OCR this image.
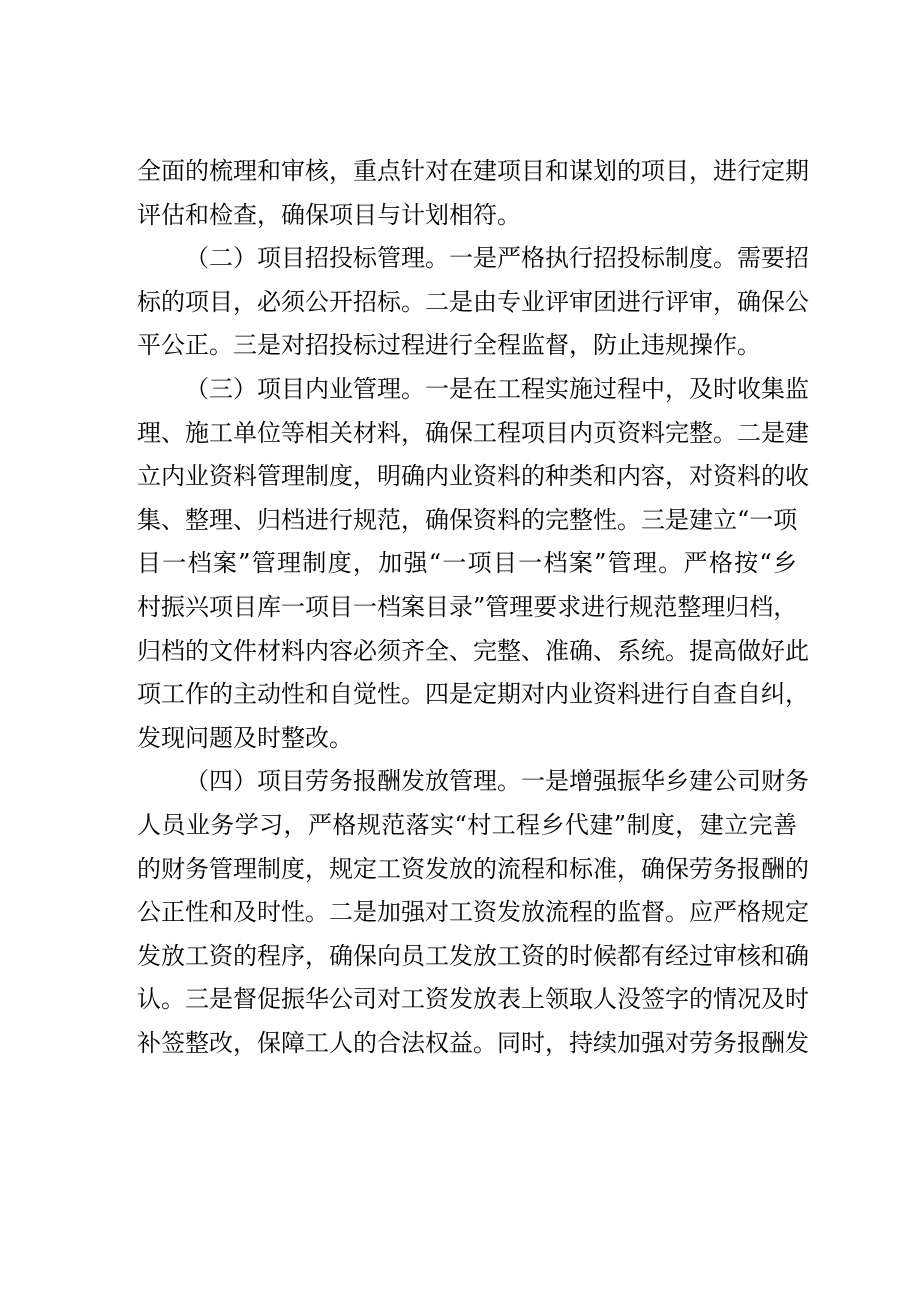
全面的梳理和审核，重点针对在建项目和谋划的项目，进行定期
评估和检查，确保项目与计划相符。
（二）项目招投标管理。一是严格执行招投标制度。需要招
标的项目，必须公开招标。二是由专业评审团进行评审，确保公
平公正。三是对招投标过程进行全程监督，防止违规操作。
（三）项目内业管理。一是在工程实施过程中，及时收集监
理、施工单位等相关材料，确保工程项目内页资料完整。二是建
立内业资料管理制度，明确内业资料的种类和内容，对资料的收
集、整理、归档进行规范，确保资料的完整性。三是建立“一项
目一档案”管理制度，加强“一项目一档案”管理。严格按“乡
村振兴项目库一项目一档案目录”管理要求进行规范整理归档，
归档的文件材料内容必须齐全、完整、准确、系统。提高做好此
项工作的主动性和自觉性。四是定期对内业资料进行自查自纠，
发现问题及时整改。
（四）项目劳务报酬发放管理。一是增强振华乡建公司财务
人员业务学习，严格规范落实“村工程乡代建”制度，建立完善
的财务管理制度，规定工资发放的流程和标准，确保劳务报酬的
公正性和及时性。二是加强对工资发放流程的监督。应严格规定
发放工资的程序，确保向员工发放工资的时候都有经过审核和确
认。三是督促振华公司对工资发放表上领取人没签字的情况及时
补签整改，保障工人的合法权益。同时，持续加强对劳务报酬发
